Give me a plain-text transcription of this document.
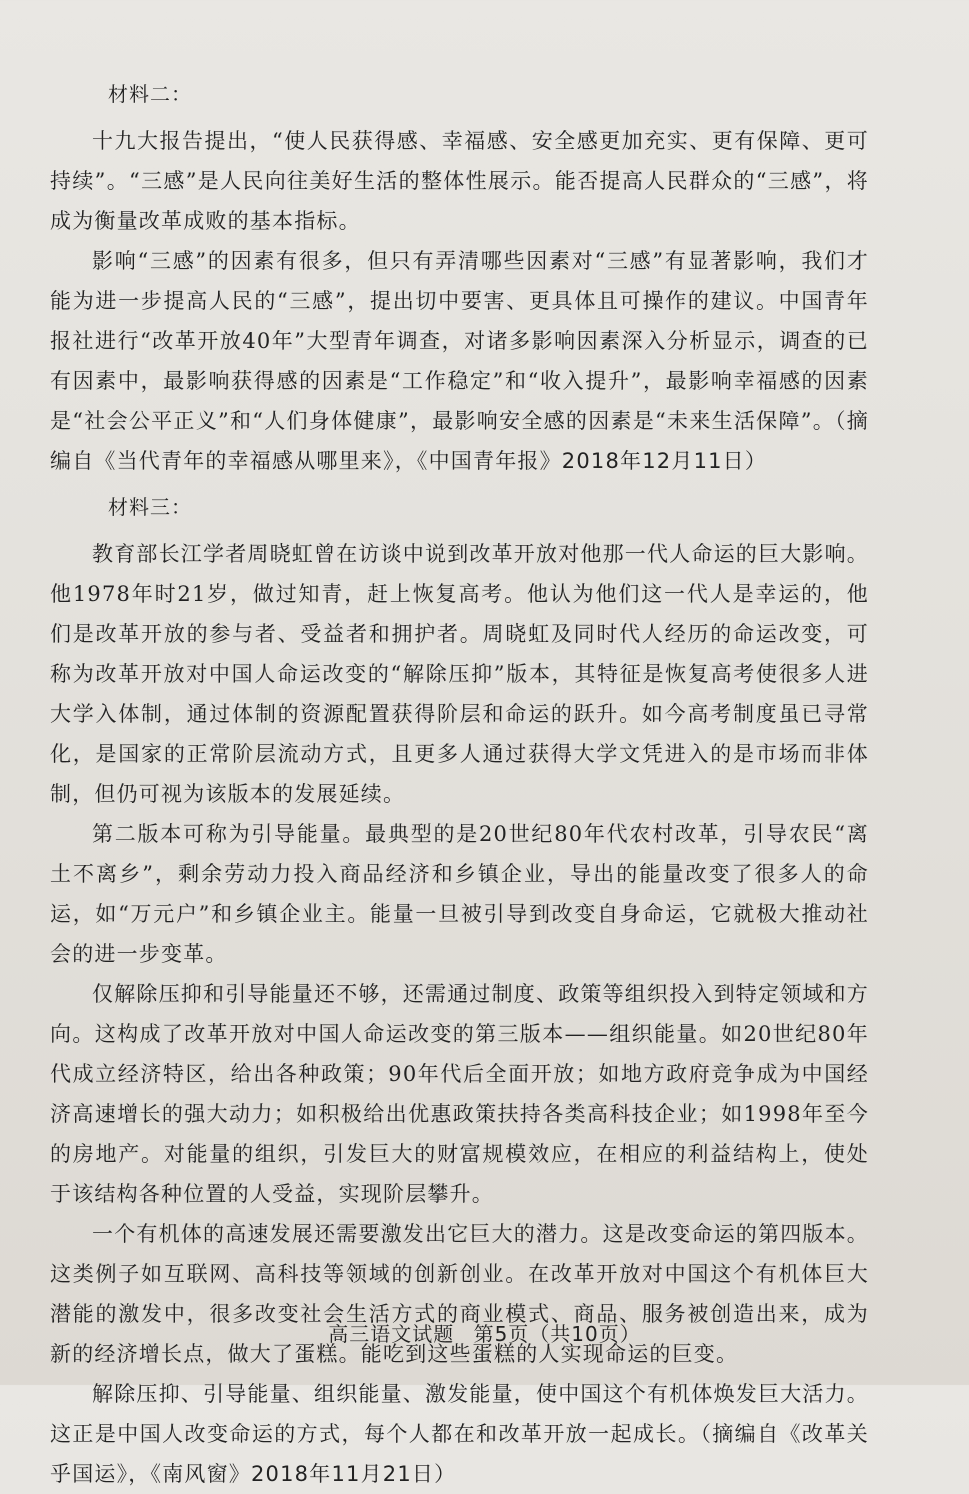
材料二：

十九大报告提出，“使人民获得感、幸福感、安全感更加充实、更有保障、更可持续”。“三感”是人民向往美好生活的整体性展示。能否提高人民群众的“三感”，将成为衡量改革成败的基本指标。

影响“三感”的因素有很多，但只有弄清哪些因素对“三感”有显著影响，我们才能为进一步提高人民的“三感”，提出切中要害、更具体且可操作的建议。中国青年报社进行“改革开放40年”大型青年调查，对诸多影响因素深入分析显示，调查的已有因素中，最影响获得感的因素是“工作稳定”和“收入提升”，最影响幸福感的因素是“社会公平正义”和“人们身体健康”，最影响安全感的因素是“未来生活保障”。（摘编自《当代青年的幸福感从哪里来》，《中国青年报》2018年12月11日）

材料三：

教育部长江学者周晓虹曾在访谈中说到改革开放对他那一代人命运的巨大影响。他1978年时21岁，做过知青，赶上恢复高考。他认为他们这一代人是幸运的，他们是改革开放的参与者、受益者和拥护者。周晓虹及同时代人经历的命运改变，可称为改革开放对中国人命运改变的“解除压抑”版本，其特征是恢复高考使很多人进大学入体制，通过体制的资源配置获得阶层和命运的跃升。如今高考制度虽已寻常化，是国家的正常阶层流动方式，且更多人通过获得大学文凭进入的是市场而非体制，但仍可视为该版本的发展延续。

第二版本可称为引导能量。最典型的是20世纪80年代农村改革，引导农民“离土不离乡”，剩余劳动力投入商品经济和乡镇企业，导出的能量改变了很多人的命运，如“万元户”和乡镇企业主。能量一旦被引导到改变自身命运，它就极大推动社会的进一步变革。

仅解除压抑和引导能量还不够，还需通过制度、政策等组织投入到特定领域和方向。这构成了改革开放对中国人命运改变的第三版本——组织能量。如20世纪80年代成立经济特区，给出各种政策；90年代后全面开放；如地方政府竞争成为中国经济高速增长的强大动力；如积极给出优惠政策扶持各类高科技企业；如1998年至今的房地产。对能量的组织，引发巨大的财富规模效应，在相应的利益结构上，使处于该结构各种位置的人受益，实现阶层攀升。

一个有机体的高速发展还需要激发出它巨大的潜力。这是改变命运的第四版本。这类例子如互联网、高科技等领域的创新创业。在改革开放对中国这个有机体巨大潜能的激发中，很多改变社会生活方式的商业模式、商品、服务被创造出来，成为新的经济增长点，做大了蛋糕。能吃到这些蛋糕的人实现命运的巨变。

解除压抑、引导能量、组织能量、激发能量，使中国这个有机体焕发巨大活力。这正是中国人改变命运的方式，每个人都在和改革开放一起成长。（摘编自《改革关乎国运》，《南风窗》2018年11月21日）

高三语文试题 第5页（共10页）
